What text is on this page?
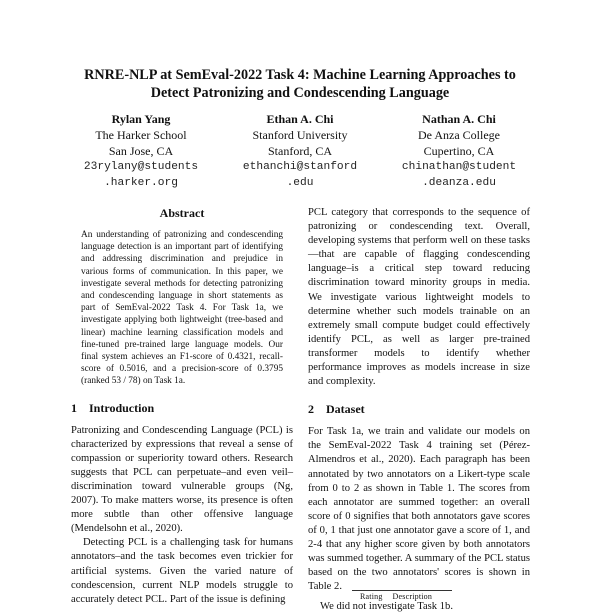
RNRE-NLP at SemEval-2022 Task 4: Machine Learning Approaches to
Detect Patronizing and Condescending Language
Rylan Yang
The Harker School
San Jose, CA
23rylany@students
.harker.org
Ethan A. Chi
Stanford University
Stanford, CA
ethanchi@stanford
.edu
Nathan A. Chi
De Anza College
Cupertino, CA
chinathan@student
.deanza.edu
Abstract
An understanding of patronizing and condescending language detection is an important part of identifying and addressing discrimination and prejudice in various forms of communication. In this paper, we investigate several methods for detecting patronizing and condescending language in short statements as part of SemEval-2022 Task 4. For Task 1a, we investigate applying both lightweight (tree-based and linear) machine learning classification models and fine-tuned pre-trained large language models. Our final system achieves an F1-score of 0.4321, recall-score of 0.5016, and a precision-score of 0.3795 (ranked 53 / 78) on Task 1a.
1 Introduction

Patronizing and Condescending Language (PCL) is characterized by expressions that reveal a sense of compassion or superiority toward others. Research suggests that PCL can perpetuate–and even veil–discrimination toward vulnerable groups (Ng, 2007). To make matters worse, its presence is often more subtle than other offensive language (Mendelsohn et al., 2020).

Detecting PCL is a challenging task for humans annotators–and the task becomes even trickier for artificial systems. Given the varied nature of condescension, current NLP models struggle to accurately detect PCL. Part of the issue is defining

PCL category that corresponds to the sequence of patronizing or condescending text. Overall, developing systems that perform well on these tasks—that are capable of flagging condescending language–is a critical step toward reducing discrimination toward minority groups in media. We investigate various lightweight models to determine whether such models trainable on an extremely small compute budget could effectively identify PCL, as well as larger pre-trained transformer models to identify whether performance improves as models increase in size and complexity.

2 Dataset

For Task 1a, we train and validate our models on the SemEval-2022 Task 4 training set (Pérez-Almendros et al., 2020). Each paragraph has been annotated by two annotators on a Likert-type scale from 0 to 2 as shown in Table 1. The scores from each annotator are summed together: an overall score of 0 signifies that both annotators gave scores of 0, 1 that just one annotator gave a score of 1, and 2-4 that any higher score given by both annotators was summed together. A summary of the PCL status based on the two annotators' scores is shown in Table 2.

We did not investigate Task 1b.

Rating Description
